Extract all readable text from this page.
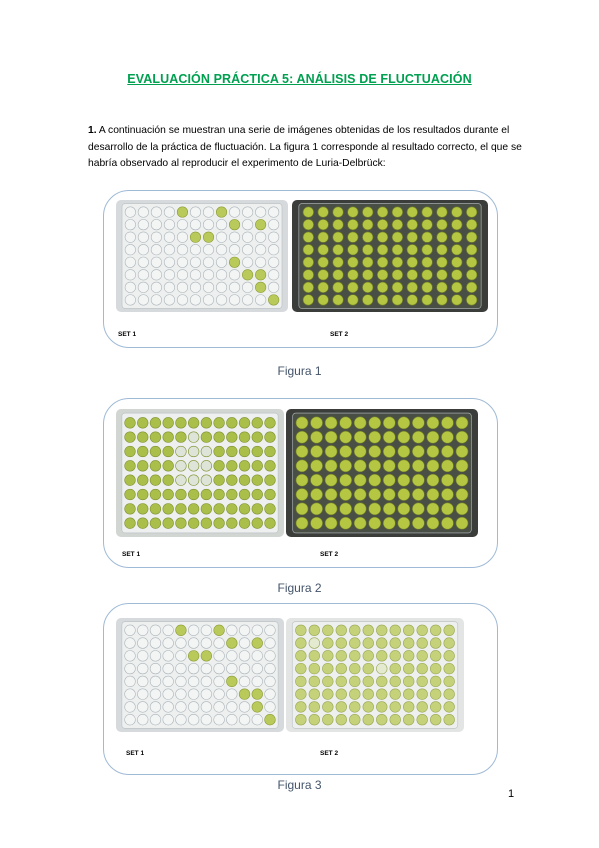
EVALUACIÓN PRÁCTICA 5: ANÁLISIS DE FLUCTUACIÓN
1. A continuación se muestran una serie de imágenes obtenidas de los resultados durante el desarrollo de la práctica de fluctuación. La figura 1 corresponde al resultado correcto, el que se habría observado al reproducir el experimento de Luria-Delbrück:
SET 1	SET 2
Figura 1
SET 1	SET 2
Figura 2
SET 1	SET 2
Figura 3
1
